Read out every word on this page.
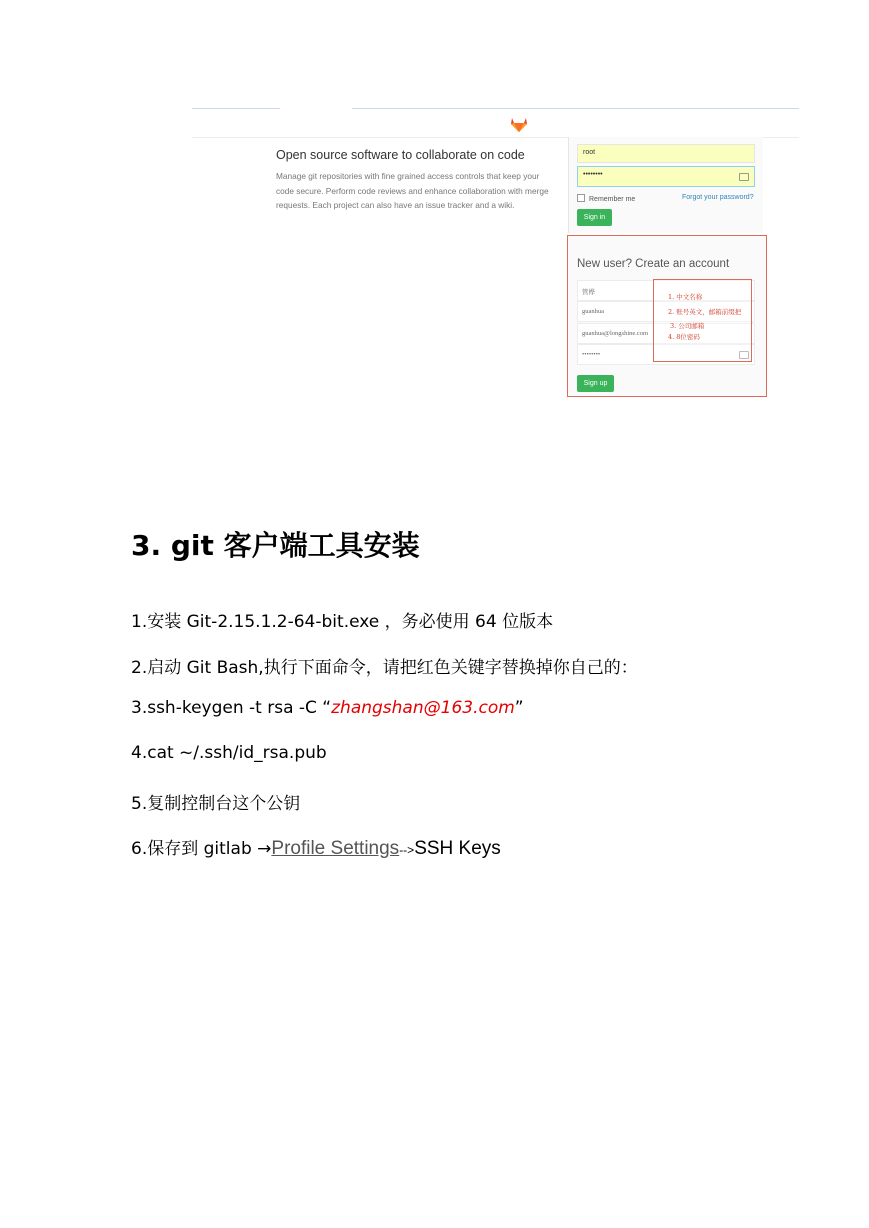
Open source software to collaborate on code
Manage git repositories with fine grained access controls that keep your code secure. Perform code reviews and enhance collaboration with merge requests. Each project can also have an issue tracker and a wiki.
root
••••••••
Remember me	Forgot your password?
Sign in
New user? Create an account
管桦
guanhua
guanhua@longshine.com
••••••••
1. 中文名称
2. 账号英文，邮箱前缀把
3. 公司邮箱
4. 8位密码
Sign up
3. git 客户端工具安装
1.安装 Git-2.15.1.2-64-bit.exe ，务必使用 64 位版本
2.启动 Git Bash,执行下面命令，请把红色关键字替换掉你自己的：
3.ssh-keygen -t rsa -C “zhangshan@163.com”
4.cat ~/.ssh/id_rsa.pub
5.复制控制台这个公钥
6.保存到 gitlab →Profile Settings-->SSH Keys
